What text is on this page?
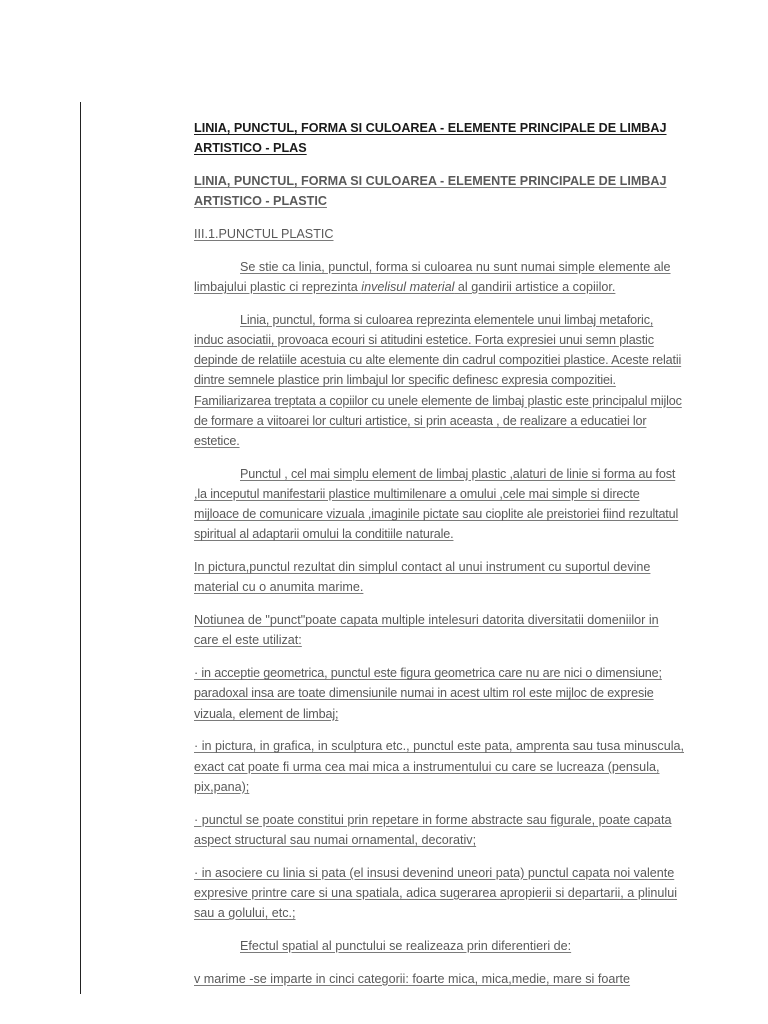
LINIA, PUNCTUL, FORMA SI CULOAREA - ELEMENTE PRINCIPALE DE LIMBAJ ARTISTICO - PLAS

LINIA, PUNCTUL, FORMA SI CULOAREA - ELEMENTE PRINCIPALE DE LIMBAJ ARTISTICO - PLASTIC

III.1.PUNCTUL PLASTIC

Se stie ca linia, punctul, forma si culoarea nu sunt numai simple elemente ale limbajului plastic ci reprezinta invelisul material al gandirii artistice a copiilor.

Linia, punctul, forma si culoarea reprezinta elementele unui limbaj metaforic, induc asociatii, provoaca ecouri si atitudini estetice. Forta expresiei unui semn plastic depinde de relatiile acestuia cu alte elemente din cadrul compozitiei plastice. Aceste relatii dintre semnele plastice prin limbajul lor specific definesc expresia compozitiei. Familiarizarea treptata a copiilor cu unele elemente de limbaj plastic este principalul mijloc de formare a viitoarei lor culturi artistice, si prin aceasta , de realizare a educatiei lor estetice.

Punctul , cel mai simplu element de limbaj plastic ,alaturi de linie si forma au fost ,la inceputul manifestarii plastice multimilenare a omului ,cele mai simple si directe mijloace de comunicare vizuala ,imaginile pictate sau cioplite ale preistoriei fiind rezultatul spiritual al adaptarii omului la conditiile naturale.

In pictura,punctul rezultat din simplul contact al unui instrument cu suportul devine material cu o anumita marime.

Notiunea de "punct"poate capata multiple intelesuri datorita diversitatii domeniilor in care el este utilizat:

· in acceptie geometrica, punctul este figura geometrica care nu are nici o dimensiune; paradoxal insa are toate dimensiunile numai in acest ultim rol este mijloc de expresie vizuala, element de limbaj;

· in pictura, in grafica, in sculptura etc., punctul este pata, amprenta sau tusa minuscula, exact cat poate fi urma cea mai mica a instrumentului cu care se lucreaza (pensula, pix,pana);

· punctul se poate constitui prin repetare in forme abstracte sau figurale, poate capata aspect structural sau numai ornamental, decorativ;

· in asociere cu linia si pata (el insusi devenind uneori pata) punctul capata noi valente expresive printre care si una spatiala, adica sugerarea apropierii si departarii, a plinului sau a golului, etc.;

Efectul spatial al punctului se realizeaza prin diferentieri de:

v marime -se imparte in cinci categorii: foarte mica, mica,medie, mare si foarte
